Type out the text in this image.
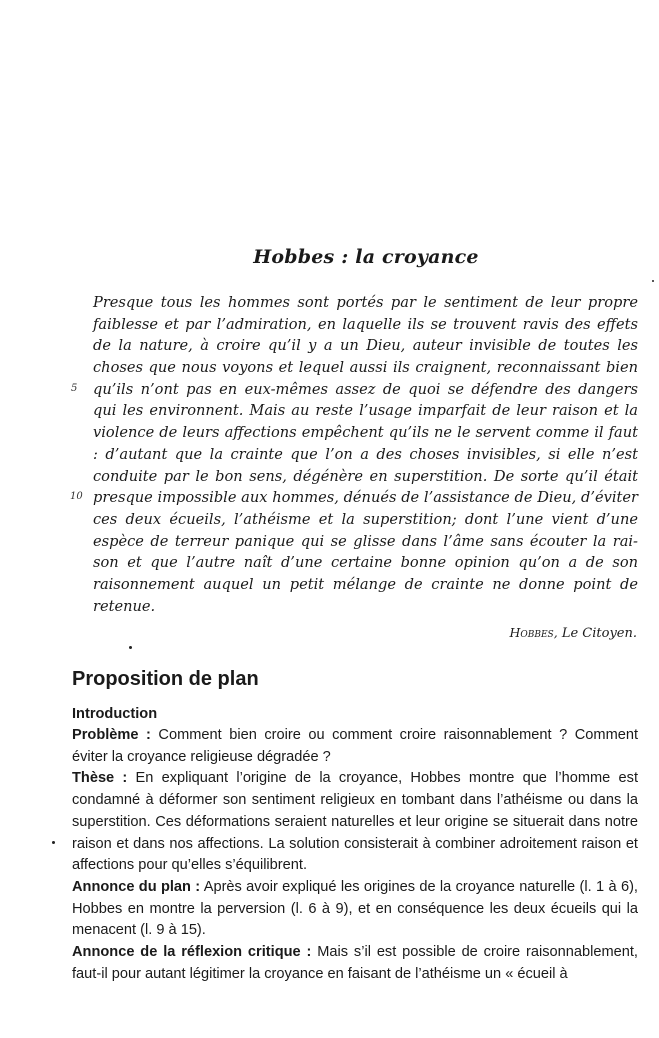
Hobbes : la croyance
Presque tous les hommes sont portés par le sentiment de leur propre
faiblesse et par l’admiration, en laquelle ils se trouvent ravis des effets
de la nature, à croire qu’il y a un Dieu, auteur invisible de toutes les
choses que nous voyons et lequel aussi ils craignent, reconnaissant bien
qu’ils n’ont pas en eux-mêmes assez de quoi se défendre des dangers
qui les environnent. Mais au reste l’usage imparfait de leur raison et la
violence de leurs affections empêchent qu’ils ne le servent comme il faut
: d’autant que la crainte que l’on a des choses invisibles, si elle n’est
conduite par le bon sens, dégénère en superstition. De sorte qu’il était
presque impossible aux hommes, dénués de l’assistance de Dieu, d’éviter
ces deux écueils, l’athéisme et la superstition; dont l’une vient d’une
espèce de terreur panique qui se glisse dans l’âme sans écouter la rai-
son et que l’autre naît d’une certaine bonne opinion qu’on a de son
raisonnement auquel un petit mélange de crainte ne donne point de
retenue.
5
10
Hobbes, Le Citoyen.
Proposition de plan
Introduction

Problème : Comment bien croire ou comment croire raisonnablement ? Comment éviter la croyance religieuse dégradée ?

Thèse : En expliquant l’origine de la croyance, Hobbes montre que l’homme est condamné à déformer son sentiment religieux en tombant dans l’athéisme ou dans la superstition. Ces déformations seraient naturelles et leur origine se situerait dans notre raison et dans nos affections. La solution consisterait à combiner adroitement raison et affections pour qu’elles s’équilibrent.

Annonce du plan : Après avoir expliqué les origines de la croyance naturelle (l. 1 à 6), Hobbes en montre la perversion (l. 6 à 9), et en conséquence les deux écueils qui la menacent (l. 9 à 15).

Annonce de la réflexion critique : Mais s’il est possible de croire raisonnablement, faut-il pour autant légitimer la croyance en faisant de l’athéisme un « écueil à
